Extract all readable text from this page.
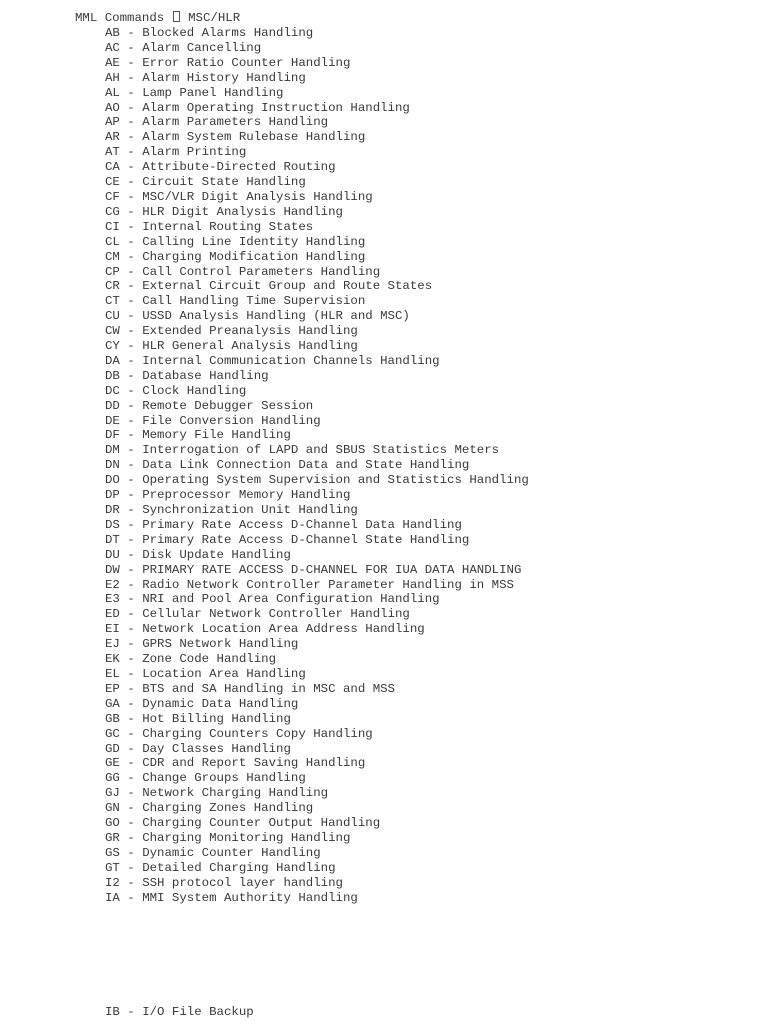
MML Commands MSC/HLR
AB - Blocked Alarms Handling
AC - Alarm Cancelling
AE - Error Ratio Counter Handling
AH - Alarm History Handling
AL - Lamp Panel Handling
AO - Alarm Operating Instruction Handling
AP - Alarm Parameters Handling
AR - Alarm System Rulebase Handling
AT - Alarm Printing
CA - Attribute-Directed Routing
CE - Circuit State Handling
CF - MSC/VLR Digit Analysis Handling
CG - HLR Digit Analysis Handling
CI - Internal Routing States
CL - Calling Line Identity Handling
CM - Charging Modification Handling
CP - Call Control Parameters Handling
CR - External Circuit Group and Route States
CT - Call Handling Time Supervision
CU - USSD Analysis Handling (HLR and MSC)
CW - Extended Preanalysis Handling
CY - HLR General Analysis Handling
DA - Internal Communication Channels Handling
DB - Database Handling
DC - Clock Handling
DD - Remote Debugger Session
DE - File Conversion Handling
DF - Memory File Handling
DM - Interrogation of LAPD and SBUS Statistics Meters
DN - Data Link Connection Data and State Handling
DO - Operating System Supervision and Statistics Handling
DP - Preprocessor Memory Handling
DR - Synchronization Unit Handling
DS - Primary Rate Access D-Channel Data Handling
DT - Primary Rate Access D-Channel State Handling
DU - Disk Update Handling
DW - PRIMARY RATE ACCESS D-CHANNEL FOR IUA DATA HANDLING
E2 - Radio Network Controller Parameter Handling in MSS
E3 - NRI and Pool Area Configuration Handling
ED - Cellular Network Controller Handling
EI - Network Location Area Address Handling
EJ - GPRS Network Handling
EK - Zone Code Handling
EL - Location Area Handling
EP - BTS and SA Handling in MSC and MSS
GA - Dynamic Data Handling
GB - Hot Billing Handling
GC - Charging Counters Copy Handling
GD - Day Classes Handling
GE - CDR and Report Saving Handling
GG - Change Groups Handling
GJ - Network Charging Handling
GN - Charging Zones Handling
GO - Charging Counter Output Handling
GR - Charging Monitoring Handling
GS - Dynamic Counter Handling
GT - Detailed Charging Handling
I2 - SSH protocol layer handling
IA - MMI System Authority Handling
IB - I/O File Backup
